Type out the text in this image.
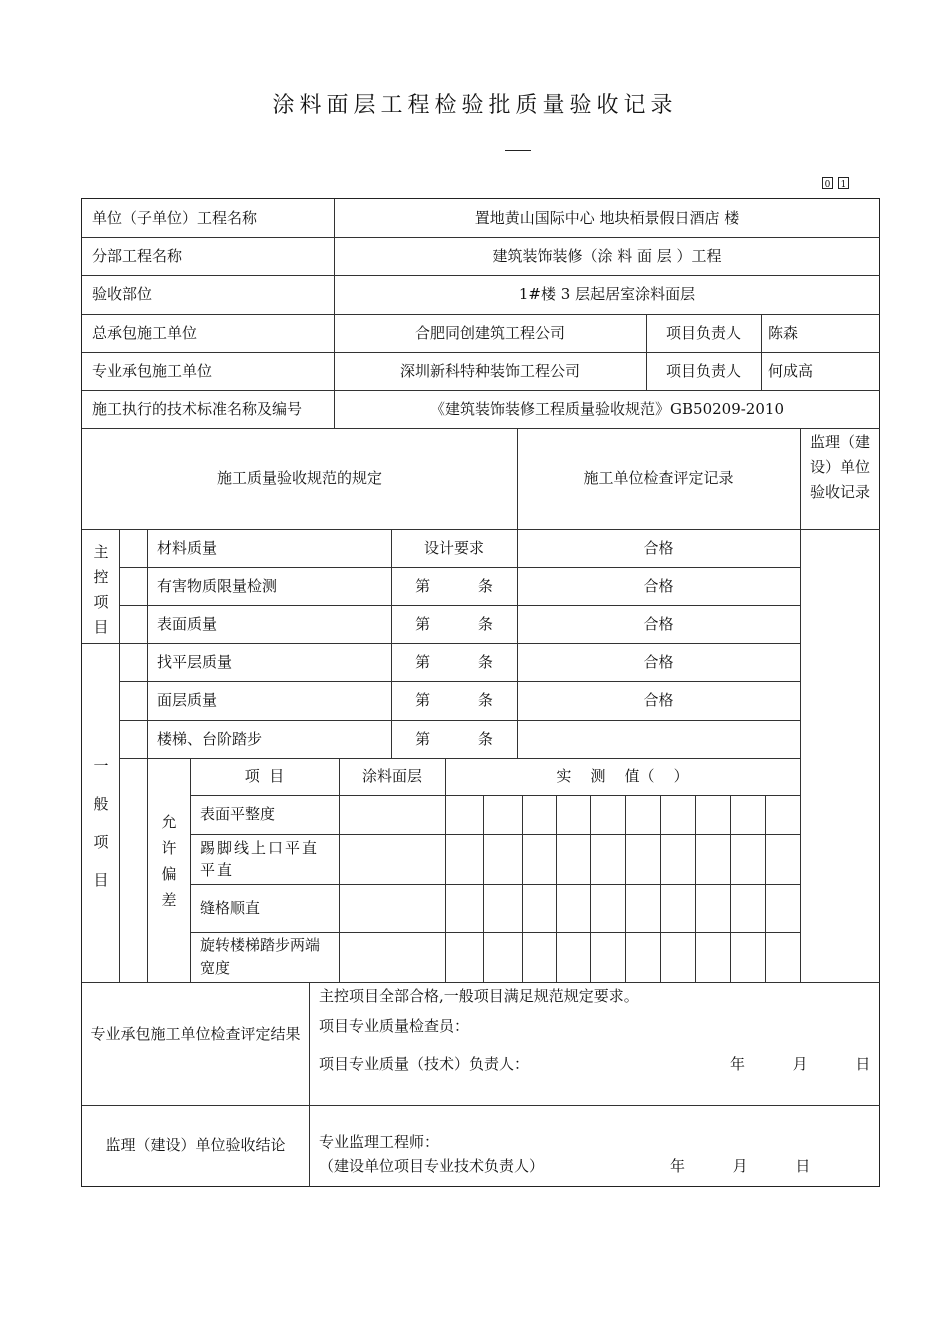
涂料面层工程检验批质量验收记录
0 1
单位（子单位）工程名称	置地黄山国际中心 地块栢景假日酒店 楼
分部工程名称	建筑装饰装修（涂 料 面 层 ）工程
验收部位	1#楼 3 层起居室涂料面层
总承包施工单位	合肥同创建筑工程公司	项目负责人	陈森
专业承包施工单位	深圳新科特种装饰工程公司	项目负责人	何成高
施工执行的技术标准名称及编号	《建筑装饰装修工程质量验收规范》GB50209-2010
施工质量验收规范的规定	施工单位检查评定记录
监理（建设）单位验收记录
主控项目
材料质量	设计要求	合格
有害物质限量检测	第          条	合格
表面质量	第          条	合格
一般项目
找平层质量	第          条	合格
面层质量	第          条	合格
楼梯、台阶踏步	第          条
允许偏差
项  目	涂料面层	实    测    值（    ）
表面平整度
踢脚线上口平直平直
缝格顺直
旋转楼梯踏步两端宽度
专业承包施工单位检查评定结果
主控项目全部合格,一般项目满足规范规定要求。
项目专业质量检查员：
项目专业质量（技术）负责人：	年          月          日
监理（建设）单位验收结论	专业监理工程师：
（建设单位项目专业技术负责人）	年          月          日
